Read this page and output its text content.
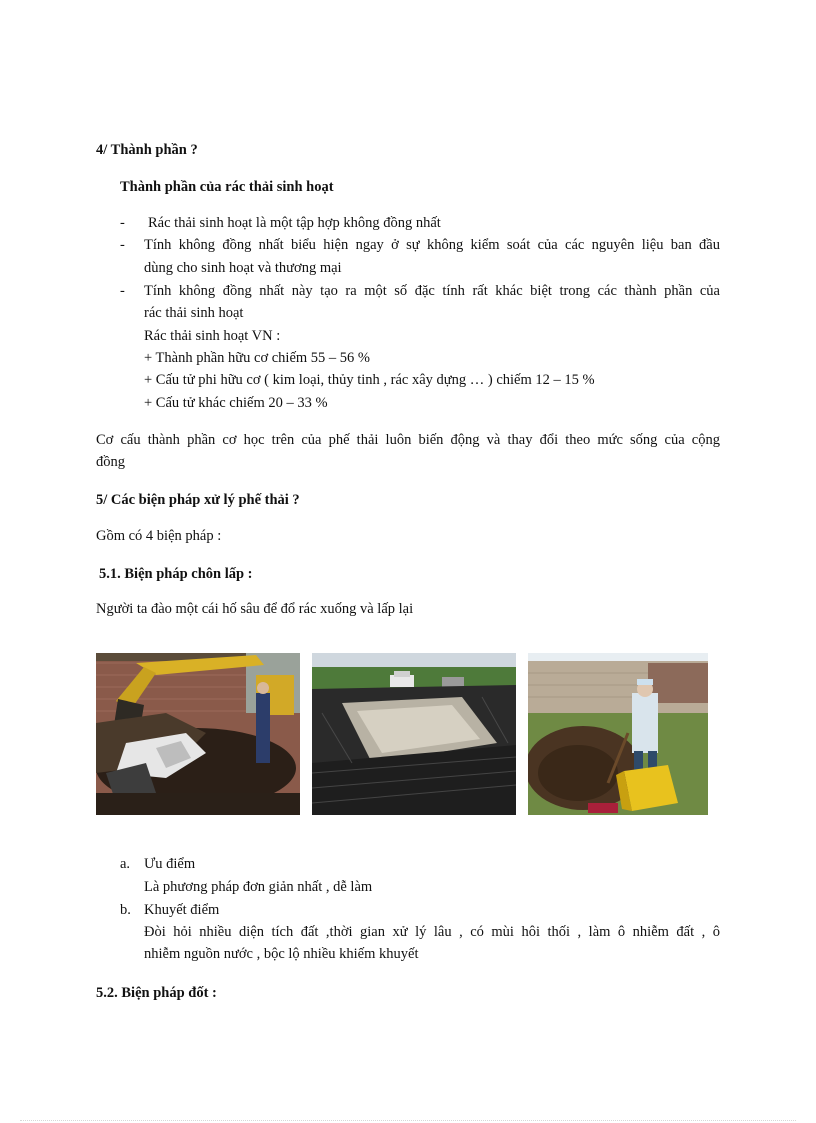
4/ Thành phần ?
Thành phần của rác thải sinh hoạt
- Rác thải sinh hoạt là một tập hợp không đồng nhất
- Tính không đồng nhất biểu hiện ngay ở sự không kiểm soát của các nguyên liệu ban đầu
dùng cho sinh hoạt và thương mại
- Tính không đồng nhất này tạo ra một số đặc tính rất khác biệt trong các thành phần của
rác thải sinh hoạt
Rác thải sinh hoạt VN :
+ Thành phần hữu cơ chiếm 55 – 56 %
+ Cấu tử phi hữu cơ ( kim loại, thủy tinh , rác xây dựng … ) chiếm 12 – 15 %
+ Cấu tử khác chiếm 20 – 33 %
Cơ cấu thành phần cơ học trên của phế thải luôn biến động và thay đổi theo mức sống của cộng
đồng
5/ Các biện pháp xử lý phế thải ?
Gồm có 4 biện pháp :
5.1. Biện pháp chôn lấp :
Người ta đào một cái hố sâu để đổ rác xuống và lấp lại
a. Ưu điểm
Là phương pháp đơn giản nhất , dễ làm
b. Khuyết điểm
Đòi hỏi nhiều diện tích đất ,thời gian xử lý lâu , có mùi hôi thối , làm ô nhiễm đất , ô
nhiễm nguồn nước , bộc lộ nhiều khiếm khuyết
5.2. Biện pháp đốt :
